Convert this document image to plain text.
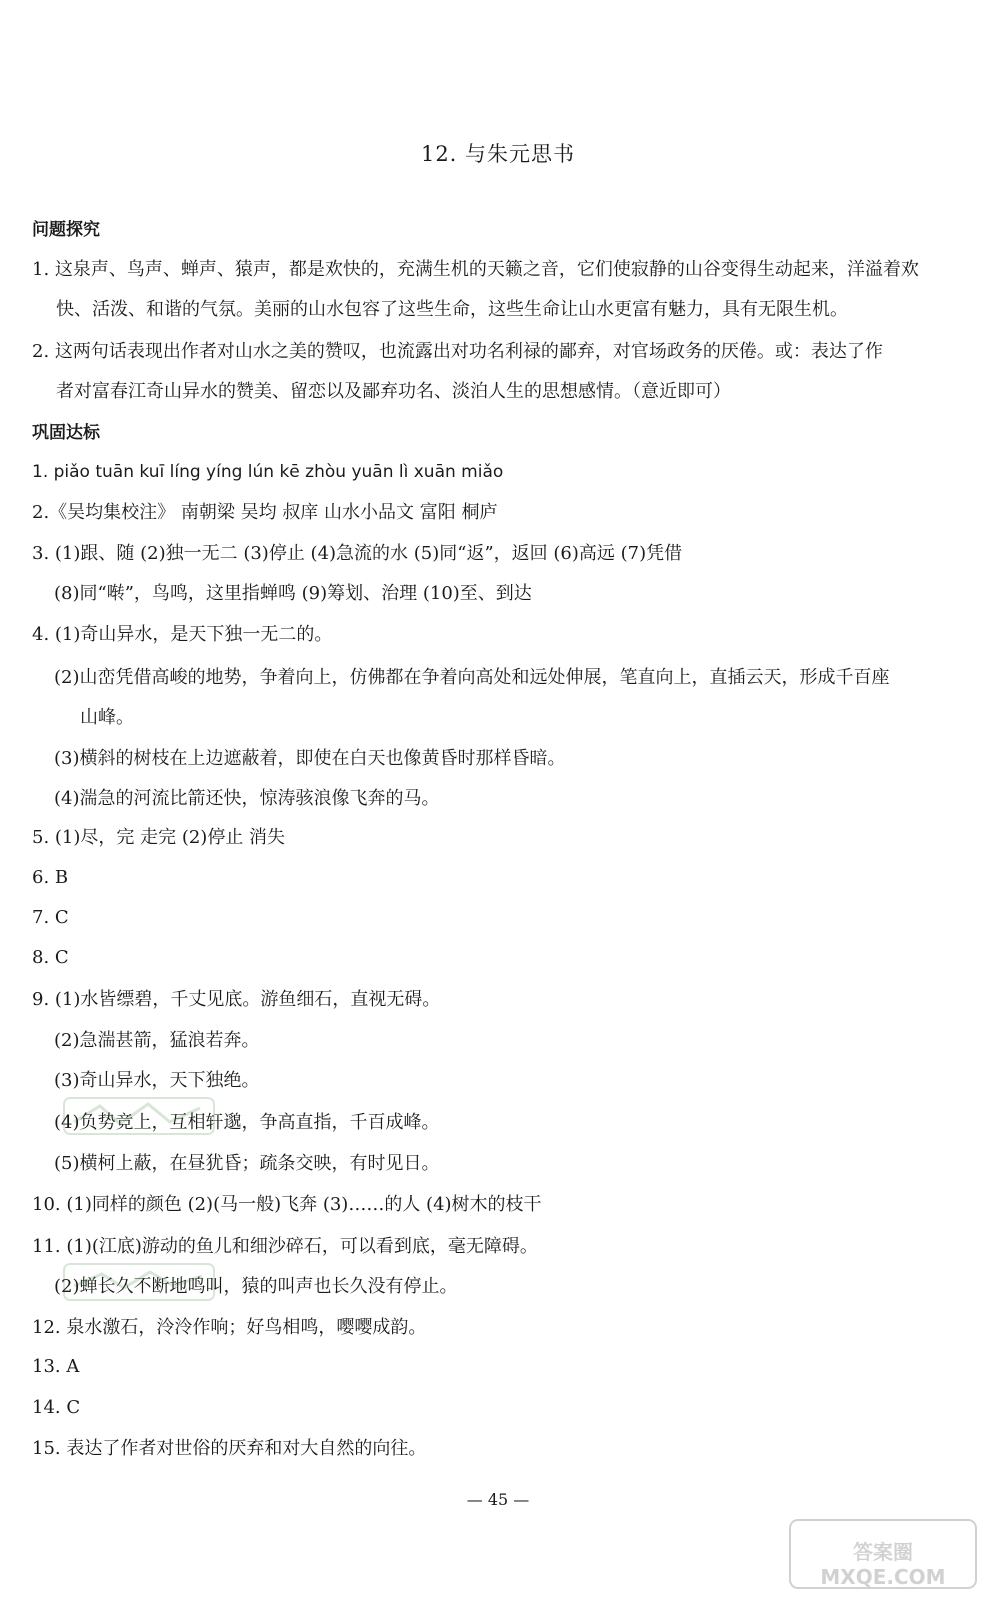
12. 与朱元思书
问题探究
1. 这泉声、鸟声、蝉声、猿声，都是欢快的，充满生机的天籁之音，它们使寂静的山谷变得生动起来，洋溢着欢
快、活泼、和谐的气氛。美丽的山水包容了这些生命，这些生命让山水更富有魅力，具有无限生机。
2. 这两句话表现出作者对山水之美的赞叹，也流露出对功名利禄的鄙弃，对官场政务的厌倦。或：表达了作
者对富春江奇山异水的赞美、留恋以及鄙弃功名、淡泊人生的思想感情。（意近即可）
巩固达标
1. piǎo tuān kuī líng yíng lún kē zhòu yuān lì xuān miǎo
2.《吴均集校注》 南朝梁 吴均 叔庠 山水小品文 富阳 桐庐
3. (1)跟、随 (2)独一无二 (3)停止 (4)急流的水 (5)同“返”，返回 (6)高远 (7)凭借
(8)同“啭”，鸟鸣，这里指蝉鸣 (9)筹划、治理 (10)至、到达
4. (1)奇山异水，是天下独一无二的。
(2)山峦凭借高峻的地势，争着向上，仿佛都在争着向高处和远处伸展，笔直向上，直插云天，形成千百座
山峰。
(3)横斜的树枝在上边遮蔽着，即使在白天也像黄昏时那样昏暗。
(4)湍急的河流比箭还快，惊涛骇浪像飞奔的马。
5. (1)尽，完 走完 (2)停止 消失
6. B
7. C
8. C
9. (1)水皆缥碧，千丈见底。游鱼细石，直视无碍。
(2)急湍甚箭，猛浪若奔。
(3)奇山异水，天下独绝。
(4)负势竞上，互相轩邈，争高直指，千百成峰。
(5)横柯上蔽，在昼犹昏；疏条交映，有时见日。
10. (1)同样的颜色 (2)(马一般)飞奔 (3)……的人 (4)树木的枝干
11. (1)(江底)游动的鱼儿和细沙碎石，可以看到底，毫无障碍。
(2)蝉长久不断地鸣叫，猿的叫声也长久没有停止。
12. 泉水激石，泠泠作响；好鸟相鸣，嘤嘤成韵。
13. A
14. C
15. 表达了作者对世俗的厌弃和对大自然的向往。
— 45 —
答案圈 MXQE.COM
